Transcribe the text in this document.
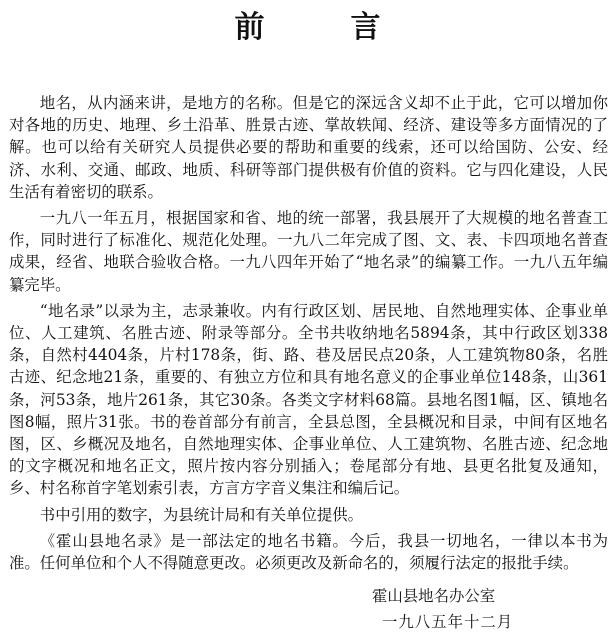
前　言

地名，从内涵来讲，是地方的名称。但是它的深远含义却不止于此，它可以增加你对各地的历史、地理、乡土沿革、胜景古迹、掌故轶闻、经济、建设等多方面情况的了解。也可以给有关研究人员提供必要的帮助和重要的线索，还可以给国防、公安、经济、水利、交通、邮政、地质、科研等部门提供极有价值的资料。它与四化建设，人民生活有着密切的联系。

一九八一年五月，根据国家和省、地的统一部署，我县展开了大规模的地名普查工作，同时进行了标准化、规范化处理。一九八二年完成了图、文、表、卡四项地名普查成果，经省、地联合验收合格。一九八四年开始了“地名录”的编纂工作。一九八五年编纂完毕。

“地名录”以录为主，志录兼收。内有行政区划、居民地、自然地理实体、企事业单位、人工建筑、名胜古迹、附录等部分。全书共收纳地名5894条，其中行政区划338条，自然村4404条，片村178条，街、路、巷及居民点20条，人工建筑物80条，名胜古迹、纪念地21条，重要的、有独立方位和具有地名意义的企事业单位148条，山361条，河53条，地片261条，其它30条。各类文字材料68篇。县地名图1幅，区、镇地名图8幅，照片31张。书的卷首部分有前言，全县总图，全县概况和目录，中间有区地名图，区、乡概况及地名，自然地理实体、企事业单位、人工建筑物、名胜古迹、纪念地的文字概况和地名正文，照片按内容分别插入；卷尾部分有地、县更名批复及通知，乡、村名称首字笔划索引表，方言方字音义集注和编后记。

书中引用的数字，为县统计局和有关单位提供。

《霍山县地名录》是一部法定的地名书籍。今后，我县一切地名，一律以本书为准。任何单位和个人不得随意更改。必须更改及新命名的，须履行法定的报批手续。

霍山县地名办公室
一九八五年十二月
